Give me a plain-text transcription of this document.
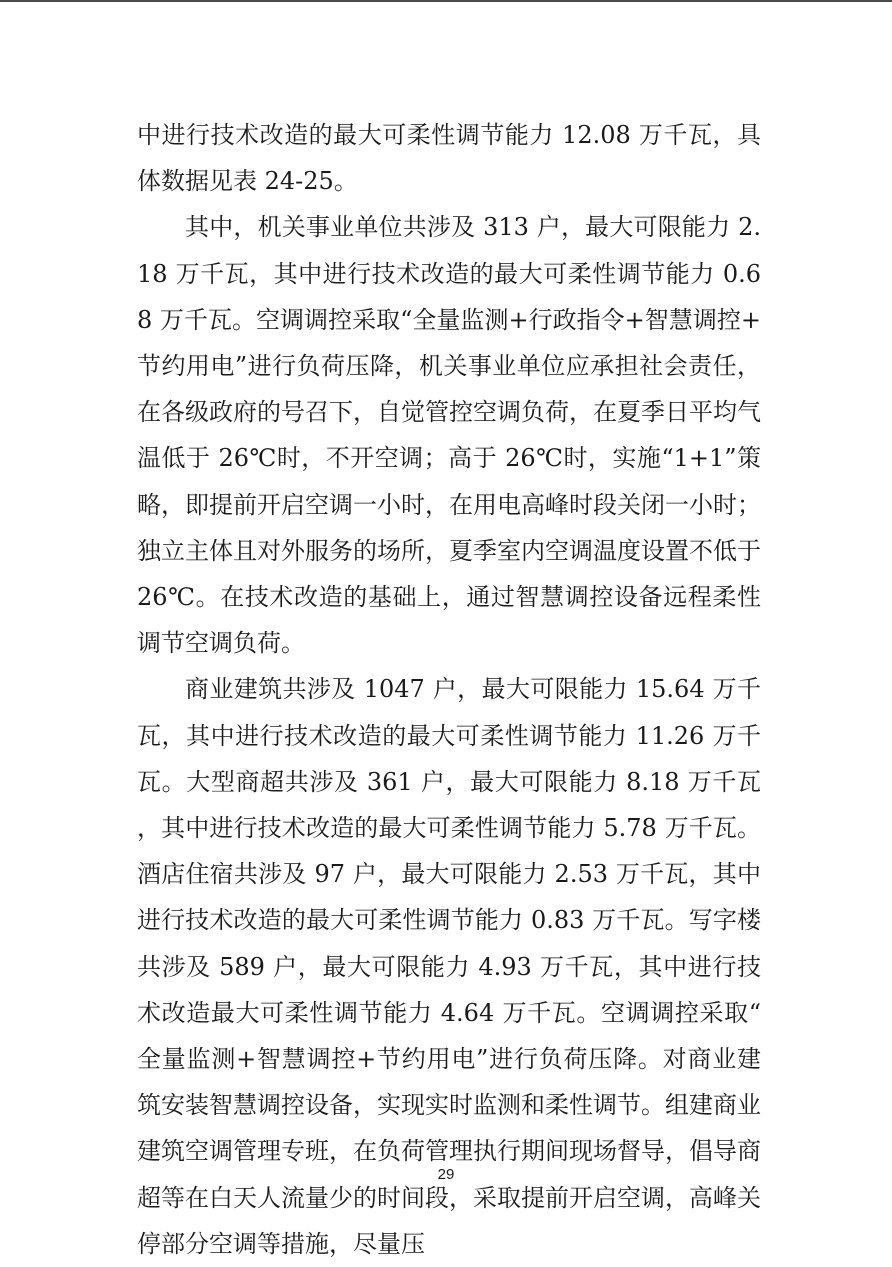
中进行技术改造的最大可柔性调节能力 12.08 万千瓦，具体数据见表 24-25。

其中，机关事业单位共涉及 313 户，最大可限能力 2.18 万千瓦，其中进行技术改造的最大可柔性调节能力 0.68 万千瓦。空调调控采取“全量监测+行政指令+智慧调控+节约用电”进行负荷压降，机关事业单位应承担社会责任，在各级政府的号召下，自觉管控空调负荷，在夏季日平均气温低于 26℃时，不开空调；高于 26℃时，实施“1+1”策略，即提前开启空调一小时，在用电高峰时段关闭一小时；独立主体且对外服务的场所，夏季室内空调温度设置不低于 26℃。在技术改造的基础上，通过智慧调控设备远程柔性调节空调负荷。

商业建筑共涉及 1047 户，最大可限能力 15.64 万千瓦，其中进行技术改造的最大可柔性调节能力 11.26 万千瓦。大型商超共涉及 361 户，最大可限能力 8.18 万千瓦，其中进行技术改造的最大可柔性调节能力 5.78 万千瓦。酒店住宿共涉及 97 户，最大可限能力 2.53 万千瓦，其中进行技术改造的最大可柔性调节能力 0.83 万千瓦。写字楼共涉及 589 户，最大可限能力 4.93 万千瓦，其中进行技术改造最大可柔性调节能力 4.64 万千瓦。空调调控采取“全量监测+智慧调控+节约用电”进行负荷压降。对商业建筑安装智慧调控设备，实现实时监测和柔性调节。组建商业建筑空调管理专班，在负荷管理执行期间现场督导，倡导商超等在白天人流量少的时间段，采取提前开启空调，高峰关停部分空调等措施，尽量压

29
